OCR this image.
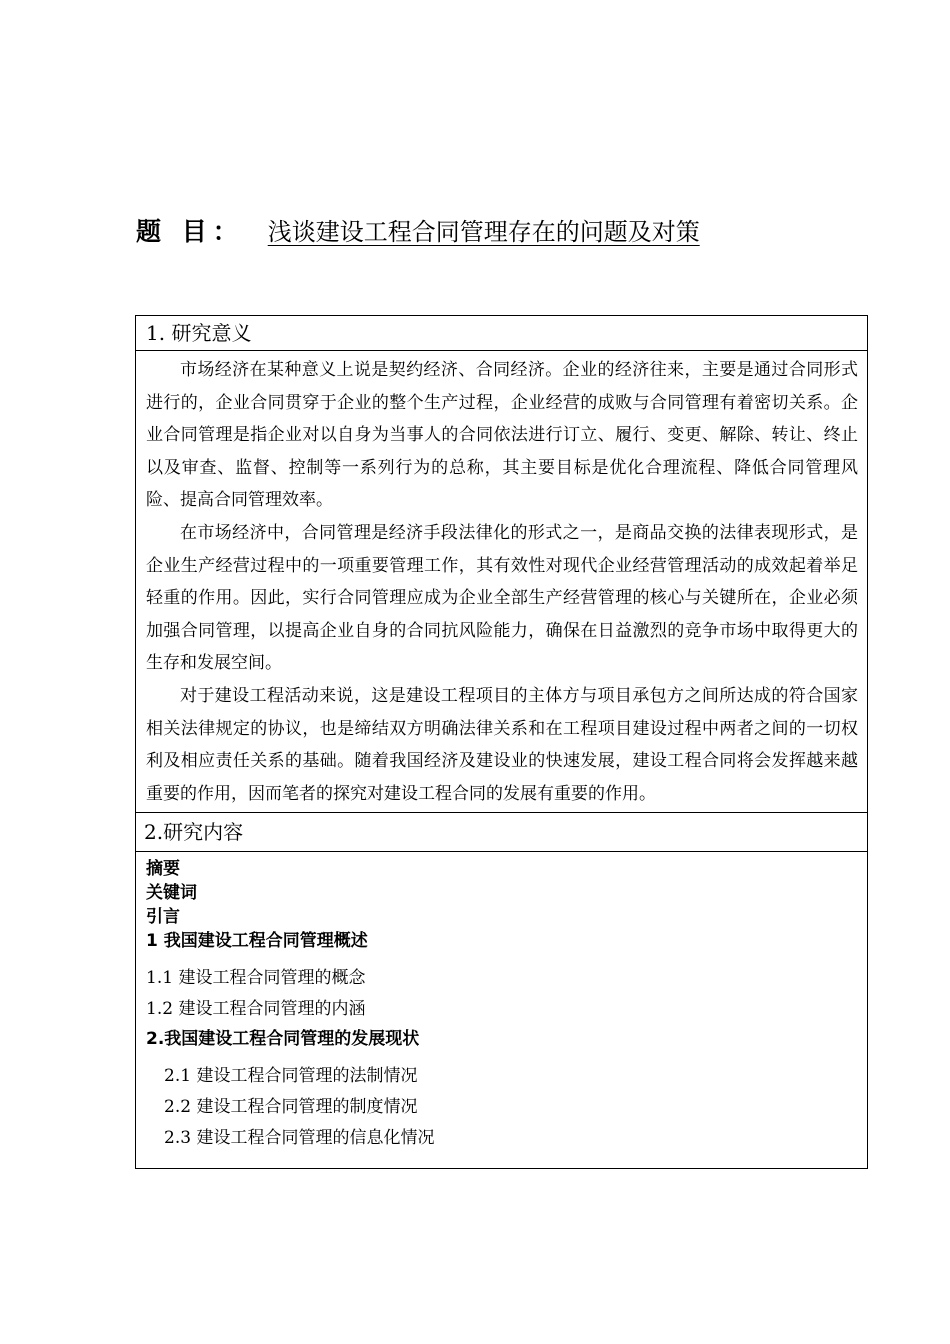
题 目： 浅谈建设工程合同管理存在的问题及对策
1. 研究意义

市场经济在某种意义上说是契约经济、合同经济。企业的经济往来，主要是通过合同形式进行的，企业合同贯穿于企业的整个生产过程，企业经营的成败与合同管理有着密切关系。企业合同管理是指企业对以自身为当事人的合同依法进行订立、履行、变更、解除、转让、终止以及审查、监督、控制等一系列行为的总称，其主要目标是优化合理流程、降低合同管理风险、提高合同管理效率。

在市场经济中，合同管理是经济手段法律化的形式之一，是商品交换的法律表现形式，是企业生产经营过程中的一项重要管理工作，其有效性对现代企业经营管理活动的成效起着举足轻重的作用。因此，实行合同管理应成为企业全部生产经营管理的核心与关键所在，企业必须加强合同管理，以提高企业自身的合同抗风险能力，确保在日益激烈的竞争市场中取得更大的生存和发展空间。

对于建设工程活动来说，这是建设工程项目的主体方与项目承包方之间所达成的符合国家相关法律规定的协议，也是缔结双方明确法律关系和在工程项目建设过程中两者之间的一切权利及相应责任关系的基础。随着我国经济及建设业的快速发展，建设工程合同将会发挥越来越重要的作用，因而笔者的探究对建设工程合同的发展有重要的作用。

2.研究内容
摘要
关键词
引言
1 我国建设工程合同管理概述
1.1 建设工程合同管理的概念
1.2 建设工程合同管理的内涵
2.我国建设工程合同管理的发展现状
2.1 建设工程合同管理的法制情况
2.2 建设工程合同管理的制度情况
2.3 建设工程合同管理的信息化情况
